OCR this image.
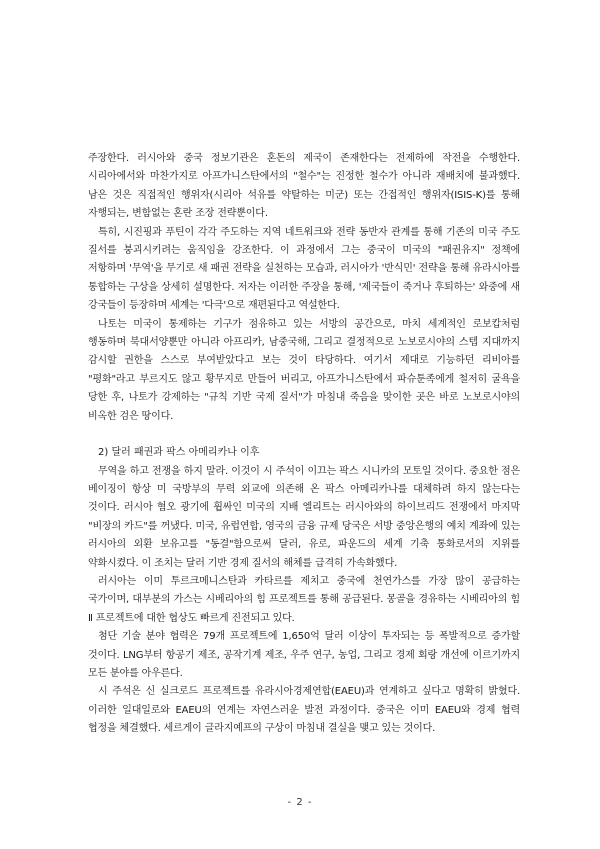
주장한다. 러시아와 중국 정보기관은 혼돈의 제국이 존재한다는 전제하에 작전을 수행한다. 시리아에서와 마찬가지로 아프가니스탄에서의 "철수"는 진정한 철수가 아니라 재배치에 불과했다. 남은 것은 직접적인 행위자(시리아 석유를 약탈하는 미군) 또는 간접적인 행위자(ISIS-K)를 통해 자행되는, 변함없는 혼란 조장 전략뿐이다.

특히, 시진핑과 푸틴이 각각 주도하는 지역 네트워크와 전략 동반자 관계를 통해 기존의 미국 주도 질서를 붕괴시키려는 움직임을 강조한다. 이 과정에서 그는 중국이 미국의 "패권유지" 정책에 저항하며 '무역'을 무기로 새 패권 전략을 실천하는 모습과, 러시아가 '반식민' 전략을 통해 유라시아를 통합하는 구상을 상세히 설명한다. 저자는 이러한 주장을 통해, '제국들이 죽거나 후퇴하는' 와중에 새 강국들이 등장하며 세계는 '다극'으로 재편된다고 역설한다.

나토는 미국이 통제하는 기구가 점유하고 있는 서방의 공간으로, 마치 세계적인 로보캅처럼 행동하며 북대서양뿐만 아니라 아프리카, 남중국해, 그리고 결정적으로 노보로시야의 스텝 지대까지 감시할 권한을 스스로 부여받았다고 보는 것이 타당하다. 여기서 제대로 기능하던 리비아를 "평화"라고 부르지도 않고 황무지로 만들어 버리고, 아프가니스탄에서 파슈툰족에게 철저히 굴욕을 당한 후, 나토가 강제하는 "규칙 기반 국제 질서"가 마침내 죽음을 맞이한 곳은 바로 노보로시야의 비옥한 검은 땅이다.

2) 달러 패권과 팍스 아메리카나 이후

무역을 하고 전쟁을 하지 말라. 이것이 시 주석이 이끄는 팍스 시니카의 모토일 것이다. 중요한 점은 베이징이 항상 미 국방부의 무력 외교에 의존해 온 팍스 아메리카나를 대체하려 하지 않는다는 것이다. 러시아 혐오 광기에 휩싸인 미국의 지배 엘리트는 러시아와의 하이브리드 전쟁에서 마지막 "비장의 카드"를 꺼냈다. 미국, 유럽연합, 영국의 금융 규제 당국은 서방 중앙은행의 예치 계좌에 있는 러시아의 외환 보유고를 "동결"함으로써 달러, 유로, 파운드의 세계 기축 통화로서의 지위를 약화시켰다. 이 조치는 달러 기반 경제 질서의 해체를 급격히 가속화했다.

러시아는 이미 투르크메니스탄과 카타르를 제치고 중국에 천연가스를 가장 많이 공급하는 국가이며, 대부분의 가스는 시베리아의 힘 프로젝트를 통해 공급된다. 몽골을 경유하는 시베리아의 힘 Ⅱ 프로젝트에 대한 협상도 빠르게 진전되고 있다.

첨단 기술 분야 협력은 79개 프로젝트에 1,650억 달러 이상이 투자되는 등 폭발적으로 증가할 것이다. LNG부터 항공기 제조, 공작기계 제조, 우주 연구, 농업, 그리고 경제 회랑 개선에 이르기까지 모든 분야를 아우른다.

시 주석은 신 실크로드 프로젝트를 유라시아경제연합(EAEU)과 연계하고 싶다고 명확히 밝혔다. 이러한 일대일로와 EAEU의 연계는 자연스러운 발전 과정이다. 중국은 이미 EAEU와 경제 협력 협정을 체결했다. 세르게이 글라지예프의 구상이 마침내 결실을 맺고 있는 것이다.

- 2 -
